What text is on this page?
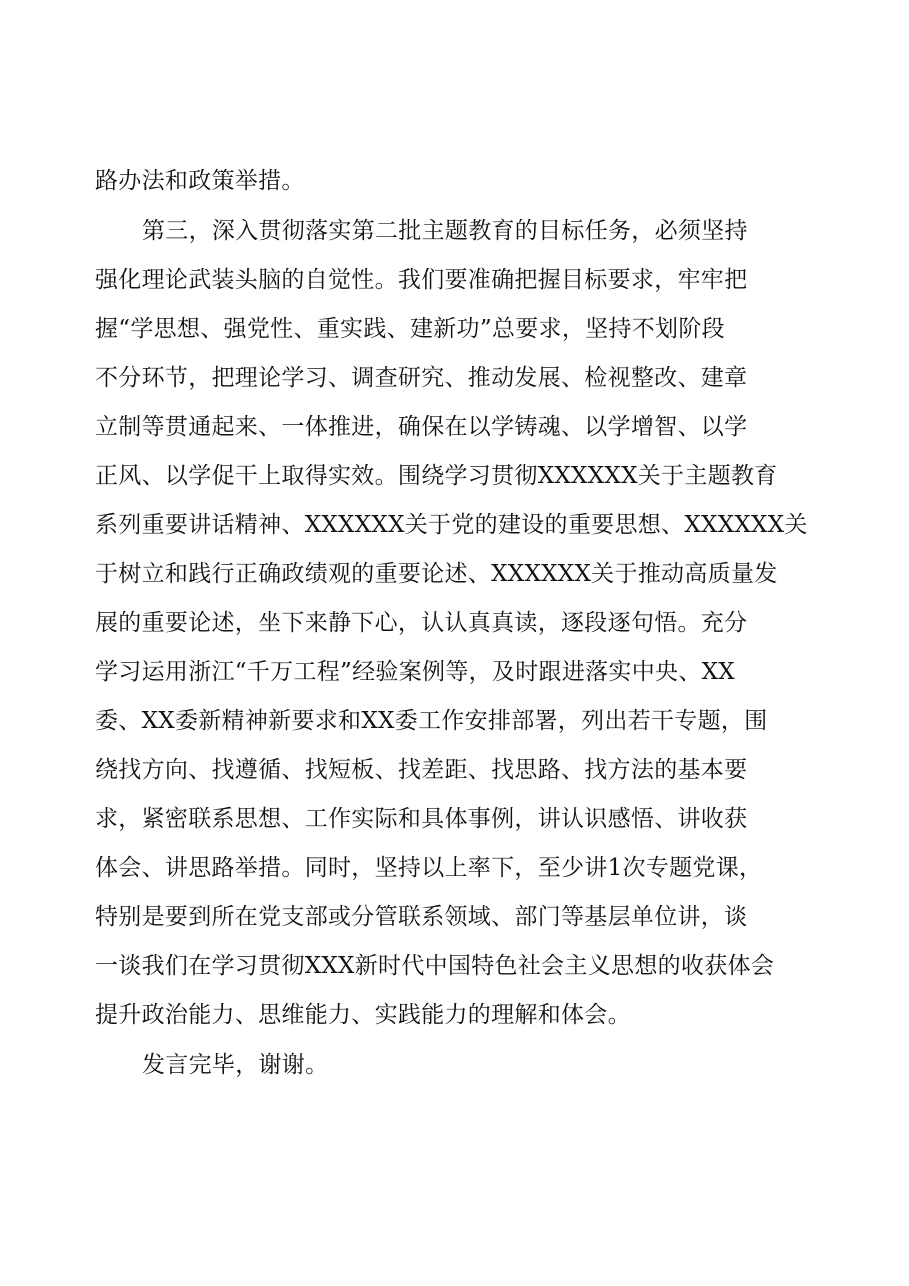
路办法和政策举措。
第三，深入贯彻落实第二批主题教育的目标任务，必须坚持
强化理论武装头脑的自觉性。我们要准确把握目标要求，牢牢把
握“学思想、强党性、重实践、建新功”总要求，坚持不划阶段
不分环节，把理论学习、调查研究、推动发展、检视整改、建章
立制等贯通起来、一体推进，确保在以学铸魂、以学增智、以学
正风、以学促干上取得实效。围绕学习贯彻XXXXXX关于主题教育
系列重要讲话精神、XXXXXX关于党的建设的重要思想、XXXXXX关
于树立和践行正确政绩观的重要论述、XXXXXX关于推动高质量发
展的重要论述，坐下来静下心，认认真真读，逐段逐句悟。充分
学习运用浙江“千万工程”经验案例等，及时跟进落实中央、XX
委、XX委新精神新要求和XX委工作安排部署，列出若干专题，围
绕找方向、找遵循、找短板、找差距、找思路、找方法的基本要
求，紧密联系思想、工作实际和具体事例，讲认识感悟、讲收获
体会、讲思路举措。同时，坚持以上率下，至少讲1次专题党课，
特别是要到所在党支部或分管联系领域、部门等基层单位讲，谈
一谈我们在学习贯彻XXX新时代中国特色社会主义思想的收获体会
提升政治能力、思维能力、实践能力的理解和体会。
发言完毕，谢谢。
